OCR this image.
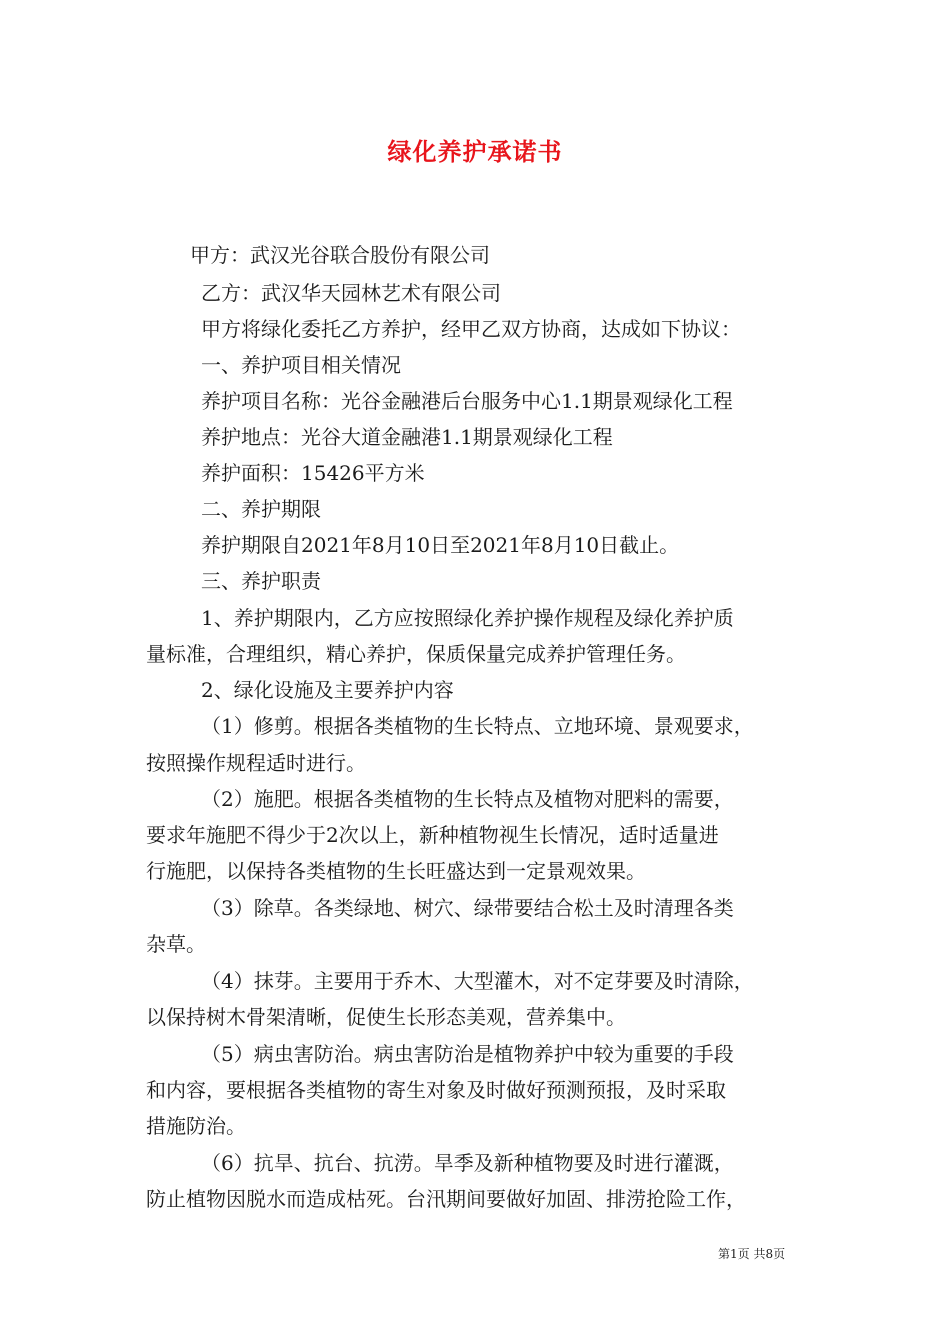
绿化养护承诺书
甲方：武汉光谷联合股份有限公司
乙方：武汉华天园林艺术有限公司
甲方将绿化委托乙方养护，经甲乙双方协商，达成如下协议：
一、养护项目相关情况
养护项目名称：光谷金融港后台服务中心1.1期景观绿化工程
养护地点：光谷大道金融港1.1期景观绿化工程
养护面积：15426平方米
二、养护期限
养护期限自2021年8月10日至2021年8月10日截止。
三、养护职责
1、养护期限内，乙方应按照绿化养护操作规程及绿化养护质
量标准，合理组织，精心养护，保质保量完成养护管理任务。
2、绿化设施及主要养护内容
（1）修剪。根据各类植物的生长特点、立地环境、景观要求，
按照操作规程适时进行。
（2）施肥。根据各类植物的生长特点及植物对肥料的需要，
要求年施肥不得少于2次以上，新种植物视生长情况，适时适量进
行施肥，以保持各类植物的生长旺盛达到一定景观效果。
（3）除草。各类绿地、树穴、绿带要结合松土及时清理各类
杂草。
（4）抹芽。主要用于乔木、大型灌木，对不定芽要及时清除，
以保持树木骨架清晰，促使生长形态美观，营养集中。
（5）病虫害防治。病虫害防治是植物养护中较为重要的手段
和内容，要根据各类植物的寄生对象及时做好预测预报，及时采取
措施防治。
（6）抗旱、抗台、抗涝。旱季及新种植物要及时进行灌溉，
防止植物因脱水而造成枯死。台汛期间要做好加固、排涝抢险工作，
第1页 共8页
